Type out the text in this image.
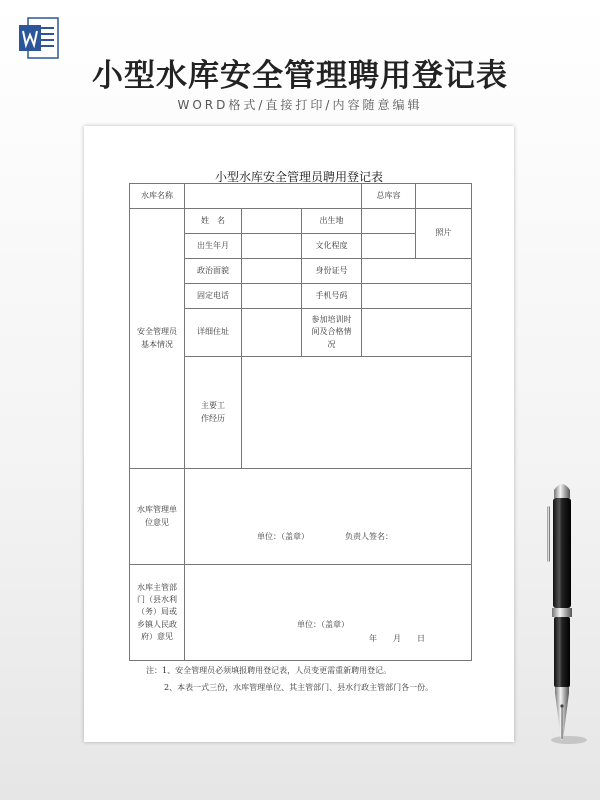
小型水库安全管理聘用登记表
WORD格式/直接打印/内容随意编辑
小型水库安全管理员聘用登记表
水库名称				总库容	
安全管理员基本情况	姓　名		出生地		照片
	出生年月		文化程度		
	政治面貌		身份证号		
	固定电话		手机号码		
	详细住址		参加培训时间及合格情况		
	主要工作经历				
水库管理单位意见	单位：（盖章） 负责人签名：				

水库主管部门（县水利（务）局或乡镇人民政府）意见	单位：（盖章）
年　　月　　日				
注：1、安全管理员必须填报聘用登记表，人员变更需重新聘用登记。
2、本表一式三份，水库管理单位、其主管部门、县水行政主管部门各一份。
